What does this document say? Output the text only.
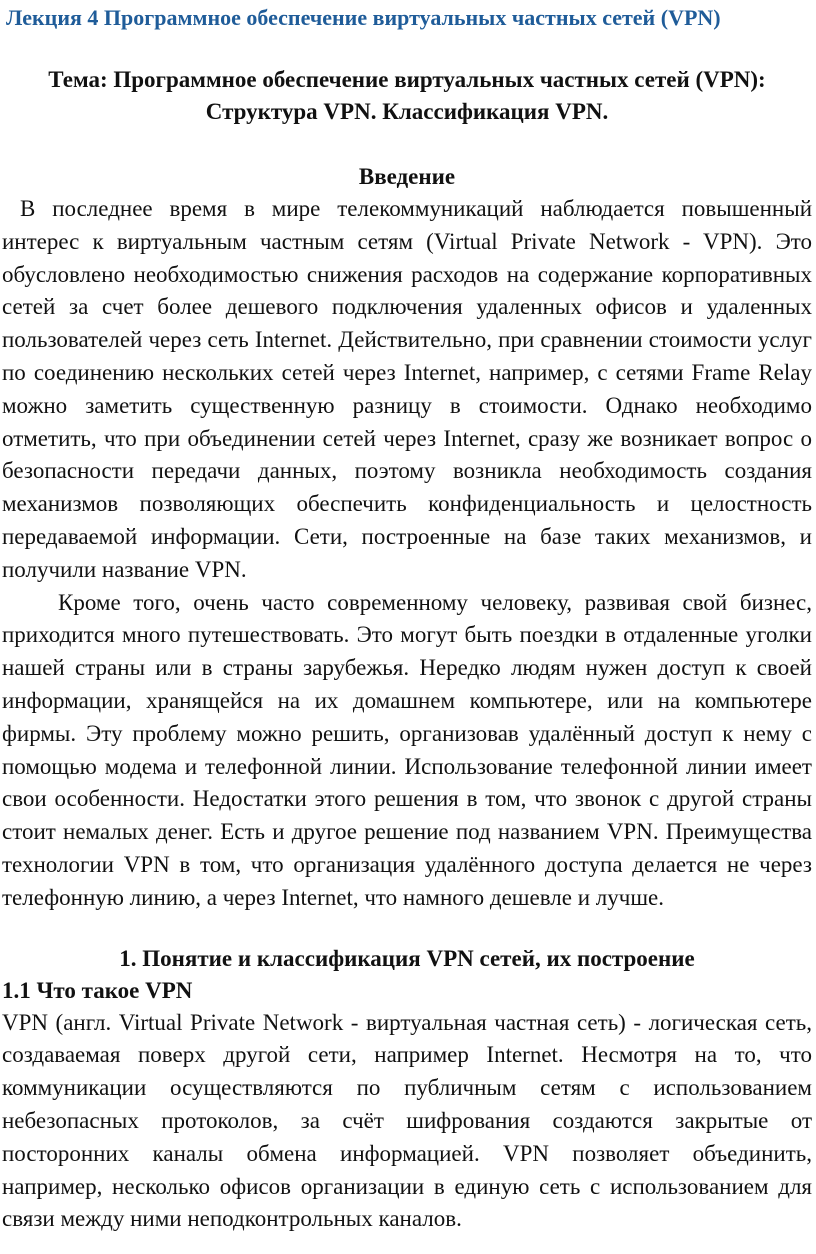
Лекция 4 Программное обеспечение виртуальных частных сетей (VPN)
Тема: Программное обеспечение виртуальных частных сетей (VPN):
Структура VPN. Классификация VPN.
Введение

В последнее время в мире телекоммуникаций наблюдается повышенный интерес к виртуальным частным сетям (Virtual Private Network - VPN). Это обусловлено необходимостью снижения расходов на содержание корпоративных сетей за счет более дешевого подключения удаленных офисов и удаленных пользователей через сеть Internet. Действительно, при сравнении стоимости услуг по соединению нескольких сетей через Internet, например, с сетями Frame Relay можно заметить существенную разницу в стоимости. Однако необходимо отметить, что при объединении сетей через Internet, сразу же возникает вопрос о безопасности передачи данных, поэтому возникла необходимость создания механизмов позволяющих обеспечить конфиденциальность и целостность передаваемой информации. Сети, построенные на базе таких механизмов, и получили название VPN.

Кроме того, очень часто современному человеку, развивая свой бизнес, приходится много путешествовать. Это могут быть поездки в отдаленные уголки нашей страны или в страны зарубежья. Нередко людям нужен доступ к своей информации, хранящейся на их домашнем компьютере, или на компьютере фирмы. Эту проблему можно решить, организовав удалённый доступ к нему с помощью модема и телефонной линии. Использование телефонной линии имеет свои особенности. Недостатки этого решения в том, что звонок с другой страны стоит немалых денег. Есть и другое решение под названием VPN. Преимущества технологии VPN в том, что организация удалённого доступа делается не через телефонную линию, а через Internet, что намного дешевле и лучше.

1. Понятие и классификация VPN сетей, их построение
1.1 Что такое VPN

VPN (англ. Virtual Private Network - виртуальная частная сеть) - логическая сеть, создаваемая поверх другой сети, например Internet. Несмотря на то, что коммуникации осуществляются по публичным сетям с использованием небезопасных протоколов, за счёт шифрования создаются закрытые от посторонних каналы обмена информацией. VPN позволяет объединить, например, несколько офисов организации в единую сеть с использованием для связи между ними неподконтрольных каналов.
